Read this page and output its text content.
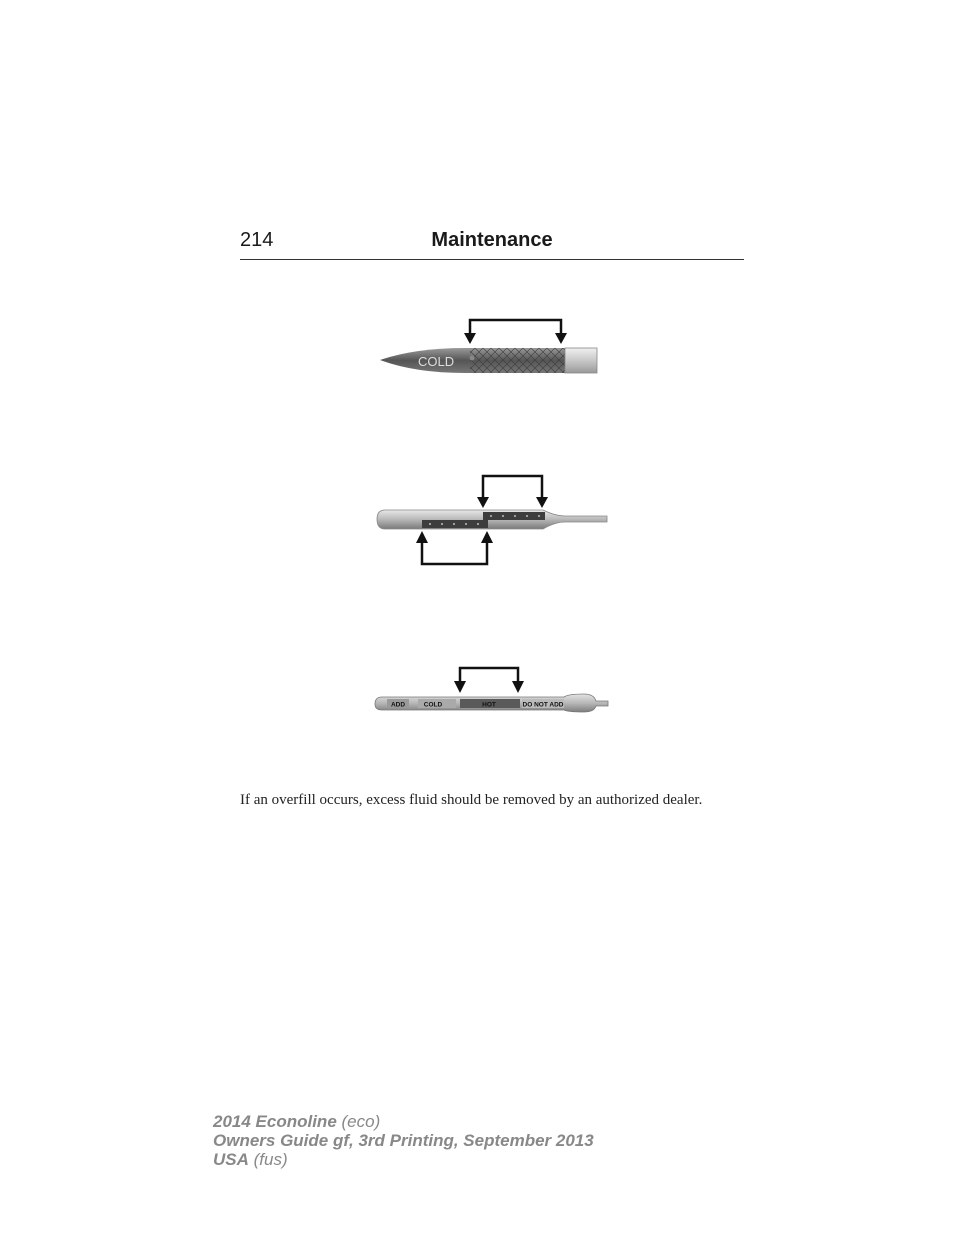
214	Maintenance
COLD
ADD	COLD	HOT	DO NOT ADD
If an overfill occurs, excess fluid should be removed by an authorized dealer.
2014 Econoline (eco)
Owners Guide gf, 3rd Printing, September 2013
USA (fus)
